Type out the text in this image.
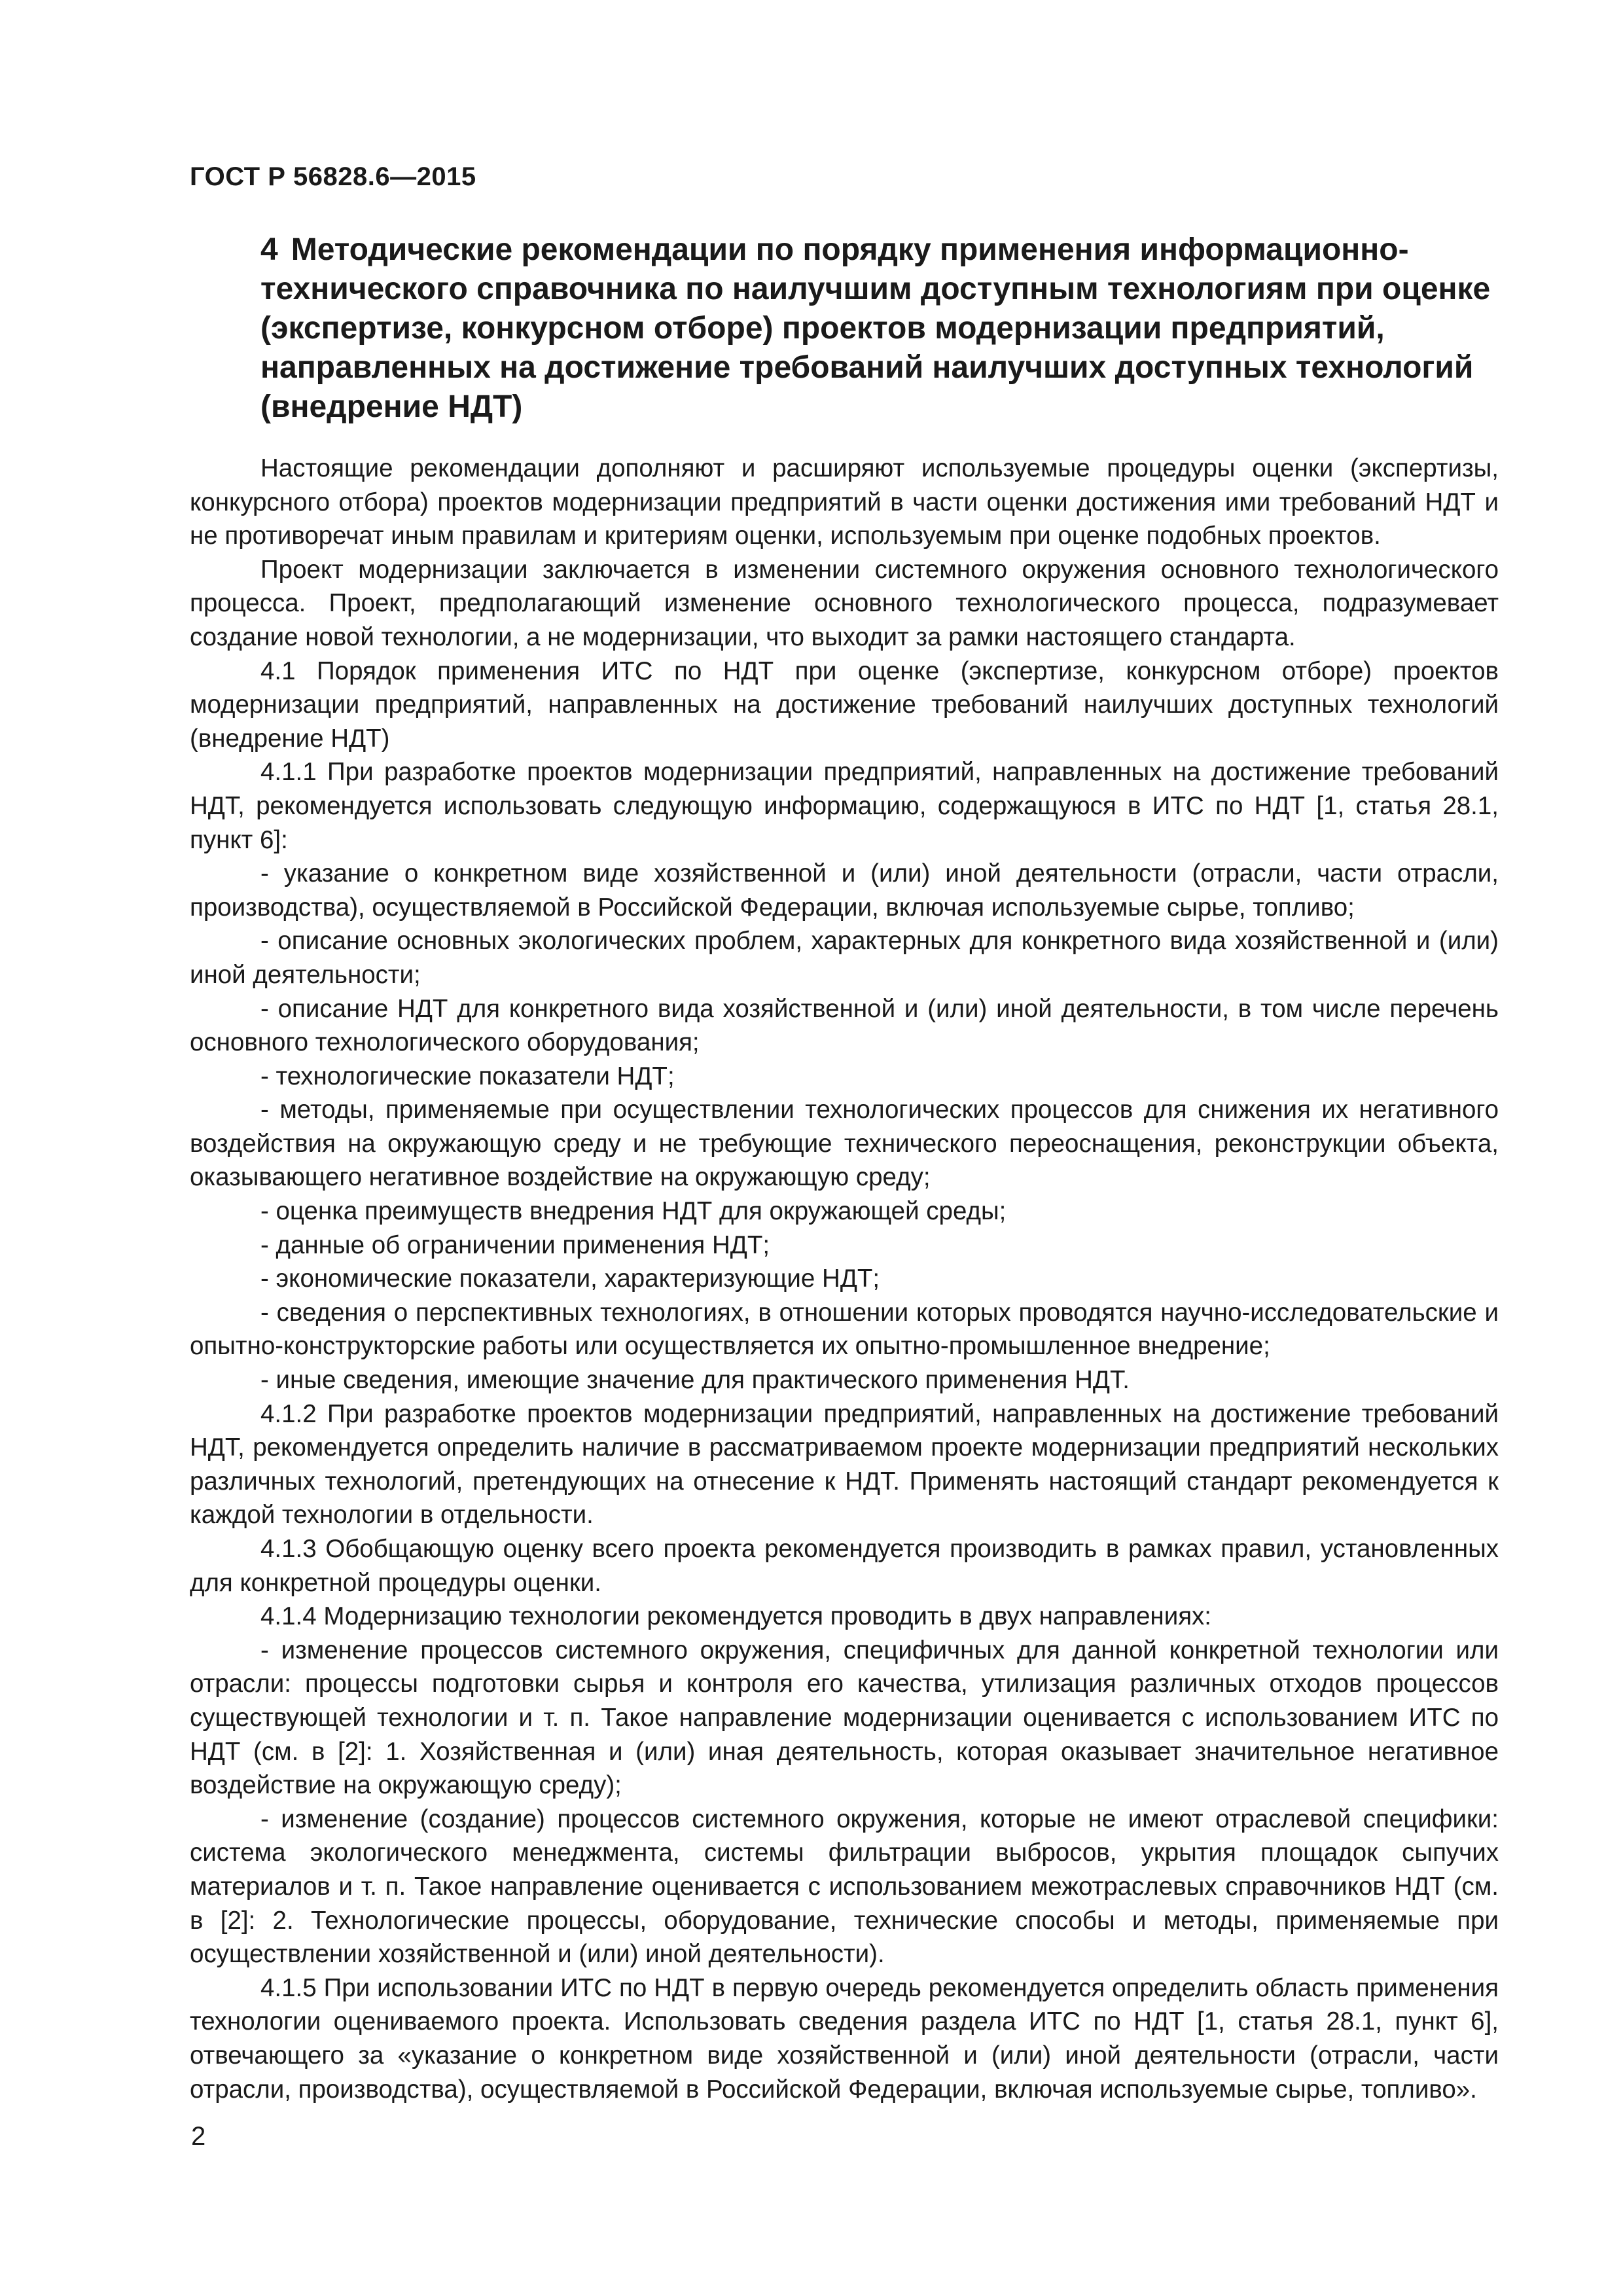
ГОСТ Р 56828.6—2015
4 Методические рекомендации по порядку применения информационно-технического справочника по наилучшим доступным технологиям при оценке (экспертизе, конкурсном отборе) проектов модернизации предприятий, направленных на достижение требований наилучших доступных технологий (внедрение НДТ)

Настоящие рекомендации дополняют и расширяют используемые процедуры оценки (экспертизы, конкурсного отбора) проектов модернизации предприятий в части оценки достижения ими требований НДТ и не противоречат иным правилам и критериям оценки, используемым при оценке подобных проектов.

Проект модернизации заключается в изменении системного окружения основного технологического процесса. Проект, предполагающий изменение основного технологического процесса, подразумевает создание новой технологии, а не модернизации, что выходит за рамки настоящего стандарта.

4.1 Порядок применения ИТС по НДТ при оценке (экспертизе, конкурсном отборе) проектов модернизации предприятий, направленных на достижение требований наилучших доступных технологий (внедрение НДТ)

4.1.1 При разработке проектов модернизации предприятий, направленных на достижение требований НДТ, рекомендуется использовать следующую информацию, содержащуюся в ИТС по НДТ [1, статья 28.1, пункт 6]:

- указание о конкретном виде хозяйственной и (или) иной деятельности (отрасли, части отрасли, производства), осуществляемой в Российской Федерации, включая используемые сырье, топливо;

- описание основных экологических проблем, характерных для конкретного вида хозяйственной и (или) иной деятельности;

- описание НДТ для конкретного вида хозяйственной и (или) иной деятельности, в том числе перечень основного технологического оборудования;

- технологические показатели НДТ;

- методы, применяемые при осуществлении технологических процессов для снижения их негативного воздействия на окружающую среду и не требующие технического переоснащения, реконструкции объекта, оказывающего негативное воздействие на окружающую среду;

- оценка преимуществ внедрения НДТ для окружающей среды;

- данные об ограничении применения НДТ;

- экономические показатели, характеризующие НДТ;

- сведения о перспективных технологиях, в отношении которых проводятся научно-исследовательские и опытно-конструкторские работы или осуществляется их опытно-промышленное внедрение;

- иные сведения, имеющие значение для практического применения НДТ.

4.1.2 При разработке проектов модернизации предприятий, направленных на достижение требований НДТ, рекомендуется определить наличие в рассматриваемом проекте модернизации предприятий нескольких различных технологий, претендующих на отнесение к НДТ. Применять настоящий стандарт рекомендуется к каждой технологии в отдельности.

4.1.3 Обобщающую оценку всего проекта рекомендуется производить в рамках правил, установленных для конкретной процедуры оценки.

4.1.4 Модернизацию технологии рекомендуется проводить в двух направлениях:

- изменение процессов системного окружения, специфичных для данной конкретной технологии или отрасли: процессы подготовки сырья и контроля его качества, утилизация различных отходов процессов существующей технологии и т. п. Такое направление модернизации оценивается с использованием ИТС по НДТ (см. в [2]: 1. Хозяйственная и (или) иная деятельность, которая оказывает значительное негативное воздействие на окружающую среду);

- изменение (создание) процессов системного окружения, которые не имеют отраслевой специфики: система экологического менеджмента, системы фильтрации выбросов, укрытия площадок сыпучих материалов и т. п. Такое направление оценивается с использованием межотраслевых справочников НДТ (см. в [2]: 2. Технологические процессы, оборудование, технические способы и методы, применяемые при осуществлении хозяйственной и (или) иной деятельности).

4.1.5 При использовании ИТС по НДТ в первую очередь рекомендуется определить область применения технологии оцениваемого проекта. Использовать сведения раздела ИТС по НДТ [1, статья 28.1, пункт 6], отвечающего за «указание о конкретном виде хозяйственной и (или) иной деятельности (отрасли, части отрасли, производства), осуществляемой в Российской Федерации, включая используемые сырье, топливо».

2
